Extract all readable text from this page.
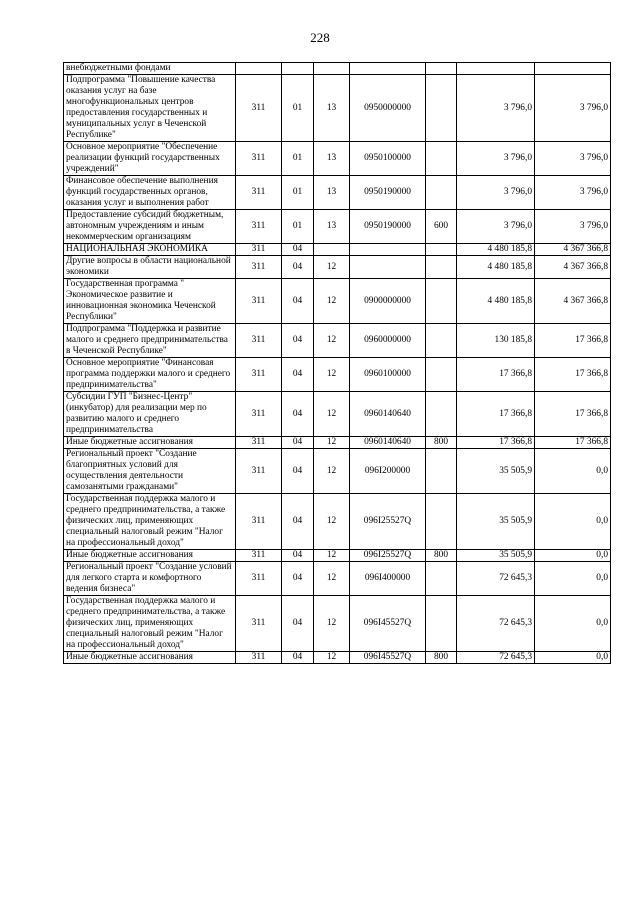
228
внебюджетными фондами							
Подпрограмма "Повышение качества оказания услуг на базе многофункциональных центров предоставления государственных и муниципальных услуг в Чеченской Республике"	311	01	13	0950000000		3 796,0	3 796,0
Основное мероприятие "Обеспечение реализации функций государственных учреждений"	311	01	13	0950100000		3 796,0	3 796,0
Финансовое обеспечение выполнения функций государственных органов, оказания услуг и выполнения работ	311	01	13	0950190000		3 796,0	3 796,0
Предоставление субсидий бюджетным, автономным учреждениям и иным некоммерческим организациям	311	01	13	0950190000	600	3 796,0	3 796,0
НАЦИОНАЛЬНАЯ ЭКОНОМИКА	311	04				4 480 185,8	4 367 366,8
Другие вопросы в области национальной экономики	311	04	12			4 480 185,8	4 367 366,8
Государственная программа " Экономическое развитие и инновационная экономика Чеченской Республики"	311	04	12	0900000000		4 480 185,8	4 367 366,8
Подпрограмма "Поддержка и развитие малого и среднего предпринимательства в Чеченской Республике"	311	04	12	0960000000		130 185,8	17 366,8
Основное мероприятие "Финансовая программа поддержки малого и среднего предпринимательства"	311	04	12	0960100000		17 366,8	17 366,8
Субсидии ГУП "Бизнес-Центр" (инкубатор) для реализации мер по развитию малого и среднего предпринимательства	311	04	12	0960140640		17 366,8	17 366,8
Иные бюджетные ассигнования	311	04	12	0960140640	800	17 366,8	17 366,8
Региональный проект "Создание благоприятных условий для осуществления деятельности самозанятыми гражданами"	311	04	12	096I200000		35 505,9	0,0
Государственная поддержка малого и среднего предпринимательства, а также физических лиц, применяющих специальный налоговый режим "Налог на профессиональный доход"	311	04	12	096I25527Q		35 505,9	0,0
Иные бюджетные ассигнования	311	04	12	096I25527Q	800	35 505,9	0,0
Региональный проект "Создание условий для легкого старта и комфортного ведения бизнеса"	311	04	12	096I400000		72 645,3	0,0
Государственная поддержка малого и среднего предпринимательства, а также физических лиц, применяющих специальный налоговый режим "Налог на профессиональный доход"	311	04	12	096I45527Q		72 645,3	0,0
Иные бюджетные ассигнования	311	04	12	096I45527Q	800	72 645,3	0,0
